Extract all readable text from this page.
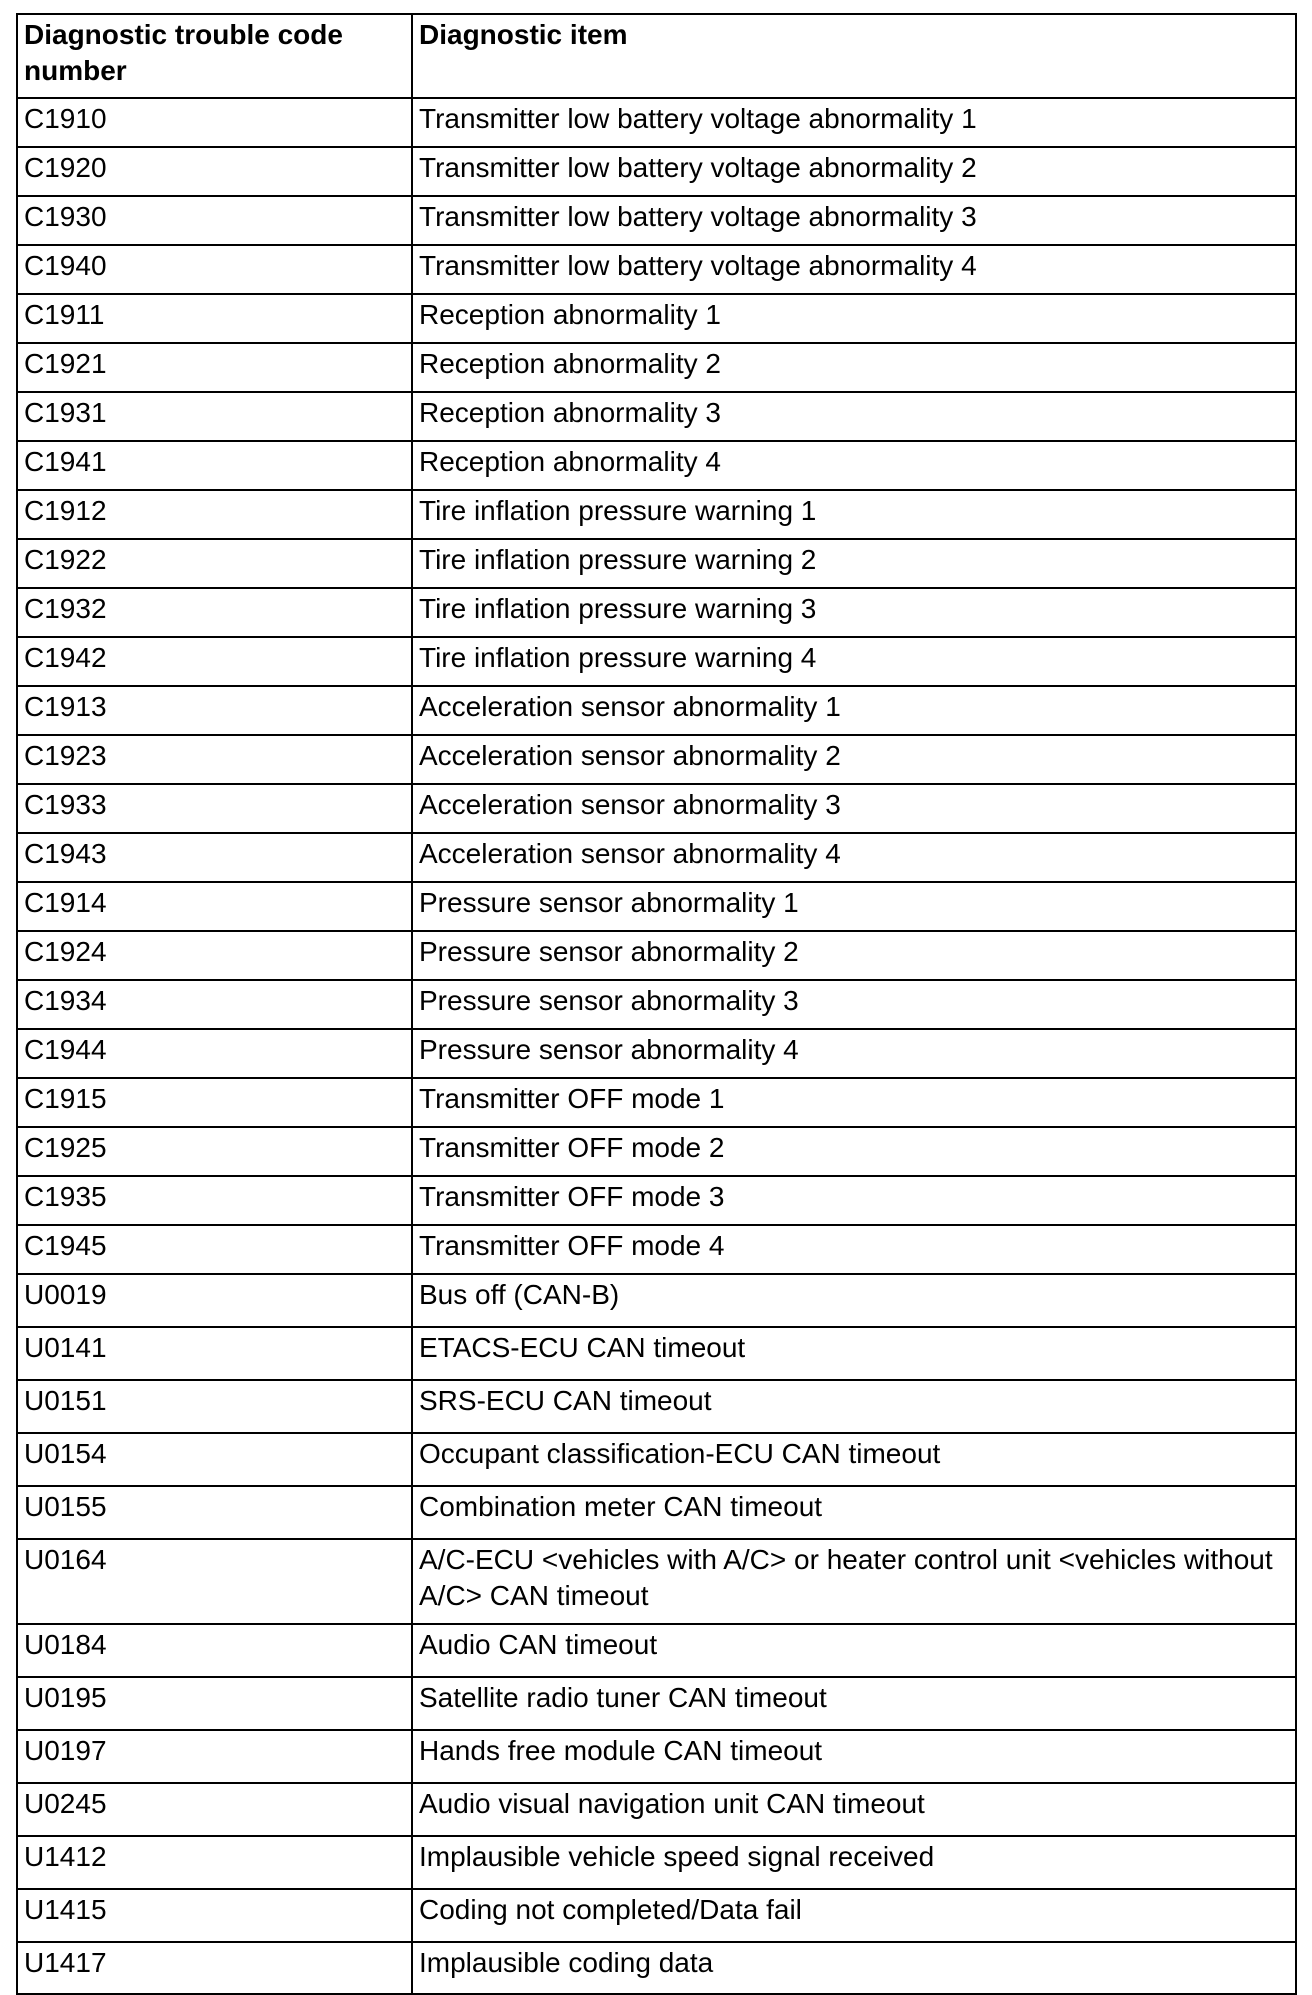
Diagnostic trouble code number	Diagnostic item
C1910	Transmitter low battery voltage abnormality 1
C1920	Transmitter low battery voltage abnormality 2
C1930	Transmitter low battery voltage abnormality 3
C1940	Transmitter low battery voltage abnormality 4
C1911	Reception abnormality 1
C1921	Reception abnormality 2
C1931	Reception abnormality 3
C1941	Reception abnormality 4
C1912	Tire inflation pressure warning 1
C1922	Tire inflation pressure warning 2
C1932	Tire inflation pressure warning 3
C1942	Tire inflation pressure warning 4
C1913	Acceleration sensor abnormality 1
C1923	Acceleration sensor abnormality 2
C1933	Acceleration sensor abnormality 3
C1943	Acceleration sensor abnormality 4
C1914	Pressure sensor abnormality 1
C1924	Pressure sensor abnormality 2
C1934	Pressure sensor abnormality 3
C1944	Pressure sensor abnormality 4
C1915	Transmitter OFF mode 1
C1925	Transmitter OFF mode 2
C1935	Transmitter OFF mode 3
C1945	Transmitter OFF mode 4
U0019	Bus off (CAN-B)
U0141	ETACS-ECU CAN timeout
U0151	SRS-ECU CAN timeout
U0154	Occupant classification-ECU CAN timeout
U0155	Combination meter CAN timeout
U0164	A/C-ECU <vehicles with A/C> or heater control unit <vehicles without A/C> CAN timeout
U0184	Audio CAN timeout
U0195	Satellite radio tuner CAN timeout
U0197	Hands free module CAN timeout
U0245	Audio visual navigation unit CAN timeout
U1412	Implausible vehicle speed signal received
U1415	Coding not completed/Data fail
U1417	Implausible coding data
